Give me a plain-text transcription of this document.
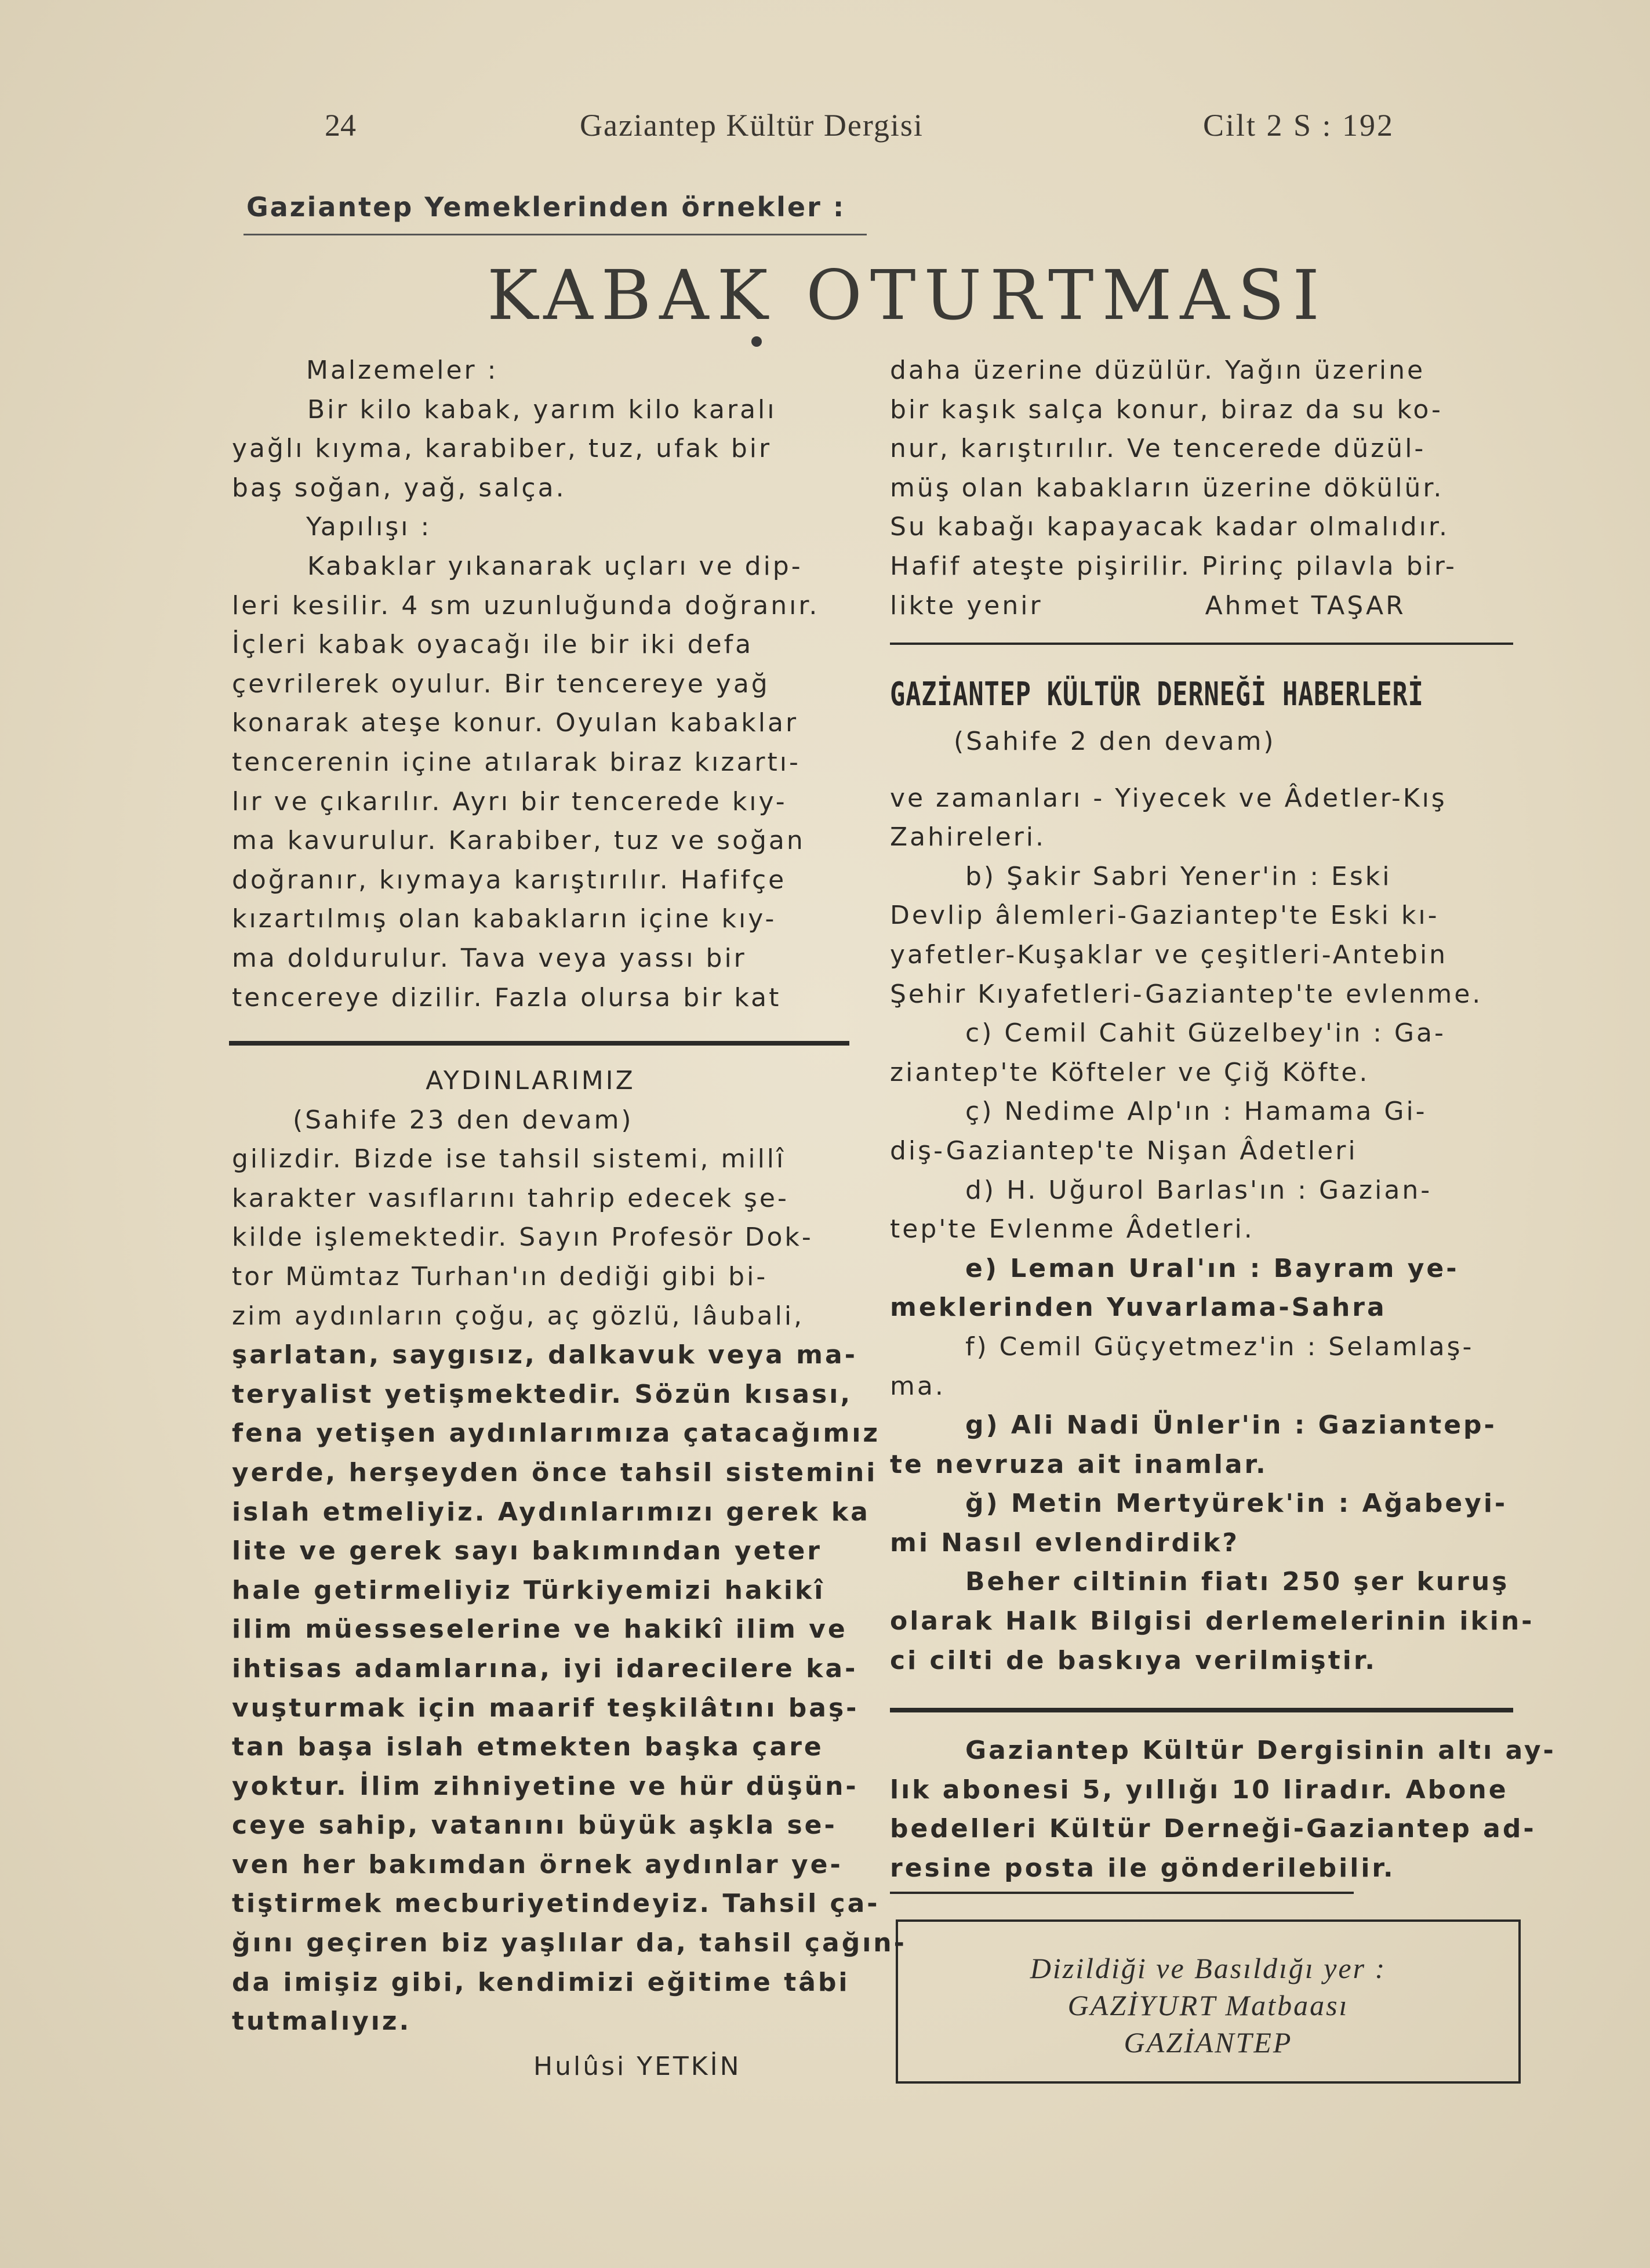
24	Gaziantep Kültür Dergisi	Cilt 2 S : 192
Gaziantep Yemeklerinden örnekler :
KABAK OTURTMASI

Malzemeler :

Bir kilo kabak, yarım kilo karalı

yağlı kıyma, karabiber, tuz, ufak bir

baş soğan, yağ, salça.

Yapılışı :

Kabaklar yıkanarak uçları ve dip-

leri kesilir. 4 sm uzunluğunda doğranır.

İçleri kabak oyacağı ile bir iki defa

çevrilerek oyulur. Bir tencereye yağ

konarak ateşe konur. Oyulan kabaklar

tencerenin içine atılarak biraz kızartı-

lır ve çıkarılır. Ayrı bir tencerede kıy-

ma kavurulur. Karabiber, tuz ve soğan

doğranır, kıymaya karıştırılır. Hafifçe

kızartılmış olan kabakların içine kıy-

ma doldurulur. Tava veya yassı bir

tencereye dizilir. Fazla olursa bir kat

AYDINLARIMIZ

(Sahife 23 den devam)

gilizdir. Bizde ise tahsil sistemi, millî

karakter vasıflarını tahrip edecek şe-

kilde işlemektedir. Sayın Profesör Dok-

tor Mümtaz Turhan'ın dediği gibi bi-

zim aydınların çoğu, aç gözlü, lâubali,

şarlatan, saygısız, dalkavuk veya ma-

teryalist yetişmektedir. Sözün kısası,

fena yetişen aydınlarımıza çatacağımız

yerde, herşeyden önce tahsil sistemini

islah etmeliyiz. Aydınlarımızı gerek ka

lite ve gerek sayı bakımından yeter

hale getirmeliyiz Türkiyemizi hakikî

ilim müesseselerine ve hakikî ilim ve

ihtisas adamlarına, iyi idarecilere ka-

vuşturmak için maarif teşkilâtını baş-

tan başa islah etmekten başka çare

yoktur. İlim zihniyetine ve hür düşün-

ceye sahip, vatanını büyük aşkla se-

ven her bakımdan örnek aydınlar ye-

tiştirmek mecburiyetindeyiz. Tahsil ça-

ğını geçiren biz yaşlılar da, tahsil çağın-

da imişiz gibi, kendimizi eğitime tâbi

tutmalıyız.

Hulûsi YETKİN

daha üzerine düzülür. Yağın üzerine

bir kaşık salça konur, biraz da su ko-

nur, karıştırılır. Ve tencerede düzül-

müş olan kabakların üzerine dökülür.

Su kabağı kapayacak kadar olmalıdır.

Hafif ateşte pişirilir. Pirinç pilavla bir-

likte yenir	Ahmet TAŞAR

GAZİANTEP KÜLTÜR DERNEĞİ HABERLERİ

(Sahife 2 den devam)

ve zamanları - Yiyecek ve Âdetler-Kış

Zahireleri.

b) Şakir Sabri Yener'in : Eski

Devlip âlemleri-Gaziantep'te Eski kı-

yafetler-Kuşaklar ve çeşitleri-Antebin

Şehir Kıyafetleri-Gaziantep'te evlenme.

c) Cemil Cahit Güzelbey'in : Ga-

ziantep'te Köfteler ve Çiğ Köfte.

ç) Nedime Alp'ın : Hamama Gi-

diş-Gaziantep'te Nişan Âdetleri

d) H. Uğurol Barlas'ın : Gazian-

tep'te Evlenme Âdetleri.

e) Leman Ural'ın : Bayram ye-

meklerinden Yuvarlama-Sahra

f) Cemil Güçyetmez'in : Selamlaş-

ma.

g) Ali Nadi Ünler'in : Gaziantep-

te nevruza ait inamlar.

ğ) Metin Mertyürek'in : Ağabeyi-

mi Nasıl evlendirdik?

Beher ciltinin fiatı 250 şer kuruş

olarak Halk Bilgisi derlemelerinin ikin-

ci cilti de baskıya verilmiştir.

Gaziantep Kültür Dergisinin altı ay-

lık abonesi 5, yıllığı 10 liradır. Abone

bedelleri Kültür Derneği-Gaziantep ad-

resine posta ile gönderilebilir.

Dizildiği ve Basıldığı yer :

GAZİYURT Matbaası

GAZİANTEP
